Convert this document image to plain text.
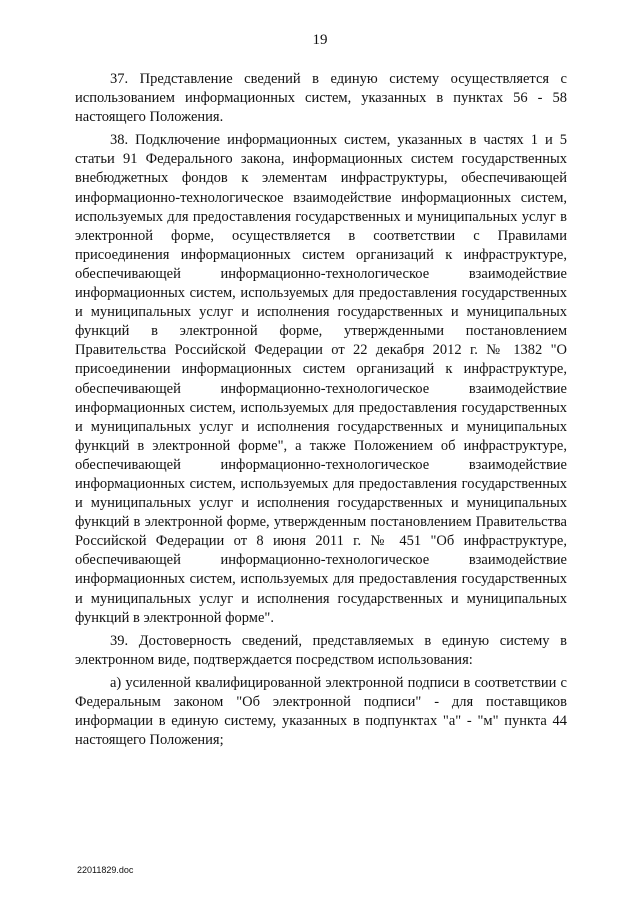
19

37. Представление сведений в единую систему осуществляется с использованием информационных систем, указанных в пунктах 56 - 58 настоящего Положения.

38. Подключение информационных систем, указанных в частях 1 и 5 статьи 91 Федерального закона, информационных систем государственных внебюджетных фондов к элементам инфраструктуры, обеспечивающей информационно-технологическое взаимодействие информационных систем, используемых для предоставления государственных и муниципальных услуг в электронной форме, осуществляется в соответствии с Правилами присоединения информационных систем организаций к инфраструктуре, обеспечивающей информационно-технологическое взаимодействие информационных систем, используемых для предоставления государственных и муниципальных услуг и исполнения государственных и муниципальных функций в электронной форме, утвержденными постановлением Правительства Российской Федерации от 22 декабря 2012 г. № 1382 "О присоединении информационных систем организаций к инфраструктуре, обеспечивающей информационно-технологическое взаимодействие информационных систем, используемых для предоставления государственных и муниципальных услуг и исполнения государственных и муниципальных функций в электронной форме", а также Положением об инфраструктуре, обеспечивающей информационно-технологическое взаимодействие информационных систем, используемых для предоставления государственных и муниципальных услуг и исполнения государственных и муниципальных функций в электронной форме, утвержденным постановлением Правительства Российской Федерации от 8 июня 2011 г. № 451 "Об инфраструктуре, обеспечивающей информационно-технологическое взаимодействие информационных систем, используемых для предоставления государственных и муниципальных услуг и исполнения государственных и муниципальных функций в электронной форме".

39. Достоверность сведений, представляемых в единую систему в электронном виде, подтверждается посредством использования:

а) усиленной квалифицированной электронной подписи в соответствии с Федеральным законом "Об электронной подписи" - для поставщиков информации в единую систему, указанных в подпунктах "а" - "м" пункта 44 настоящего Положения;

22011829.doc
